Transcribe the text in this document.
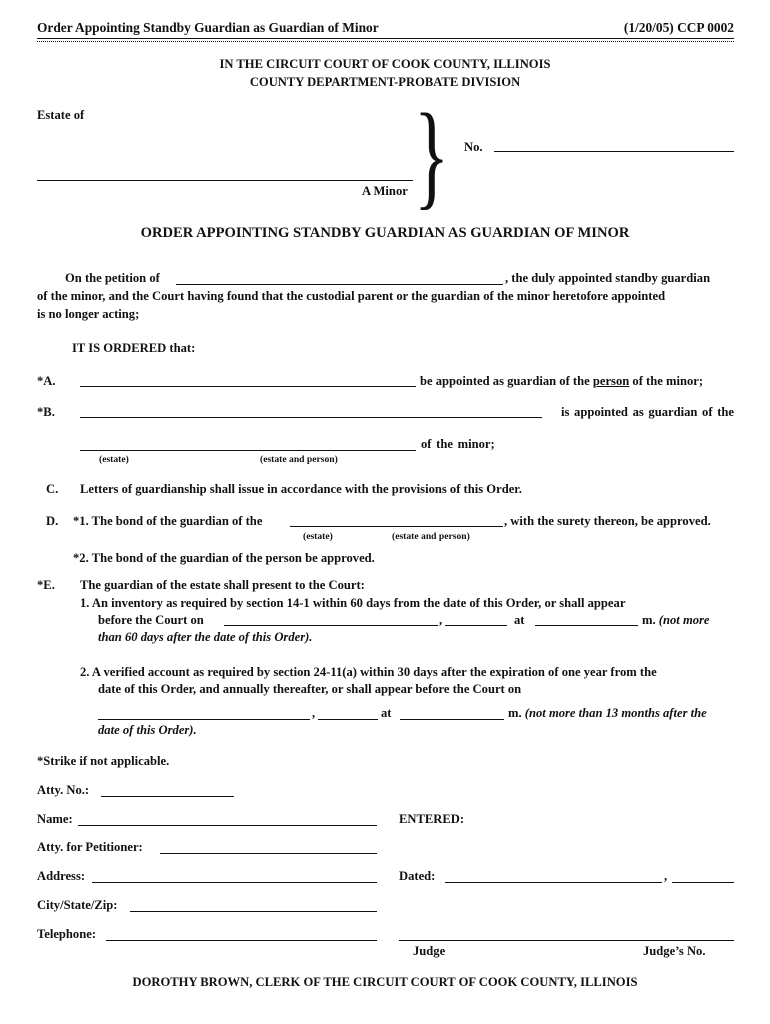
Order Appointing Standby Guardian as Guardian of Minor	(1/20/05) CCP 0002
IN THE CIRCUIT COURT OF COOK COUNTY, ILLINOIS
COUNTY DEPARTMENT-PROBATE DIVISION
Estate of
A Minor } No.
ORDER APPOINTING STANDBY GUARDIAN AS GUARDIAN OF MINOR
On the petition of	, the duly appointed standby guardian
of the minor, and the Court having found that the custodial parent or the guardian of the minor heretofore appointed
is no longer acting;
IT IS ORDERED that:
*A.	be appointed as guardian of the person of the minor;
*B.	is appointed as guardian of the
of the minor;
(estate)	(estate and person)
C. Letters of guardianship shall issue in accordance with the provisions of this Order.
D. *1. The bond of the guardian of the	, with the surety thereon, be approved.
(estate)	(estate and person)
*2. The bond of the guardian of the person be approved.
*E. The guardian of the estate shall present to the Court:
1. An inventory as required by section 14-1 within 60 days from the date of this Order, or shall appear
before the Court on	,	at	m. (not more
than 60 days after the date of this Order).
2. A verified account as required by section 24-11(a) within 30 days after the expiration of one year from the
date of this Order, and annually thereafter, or shall appear before the Court on
,	at	m. (not more than 13 months after the
date of this Order).
*Strike if not applicable.
Atty. No.:
Name:
Atty. for Petitioner:
Address:
City/State/Zip:
Telephone:
ENTERED:
Dated:	,
Judge	Judge’s No.
DOROTHY BROWN, CLERK OF THE CIRCUIT COURT OF COOK COUNTY, ILLINOIS
